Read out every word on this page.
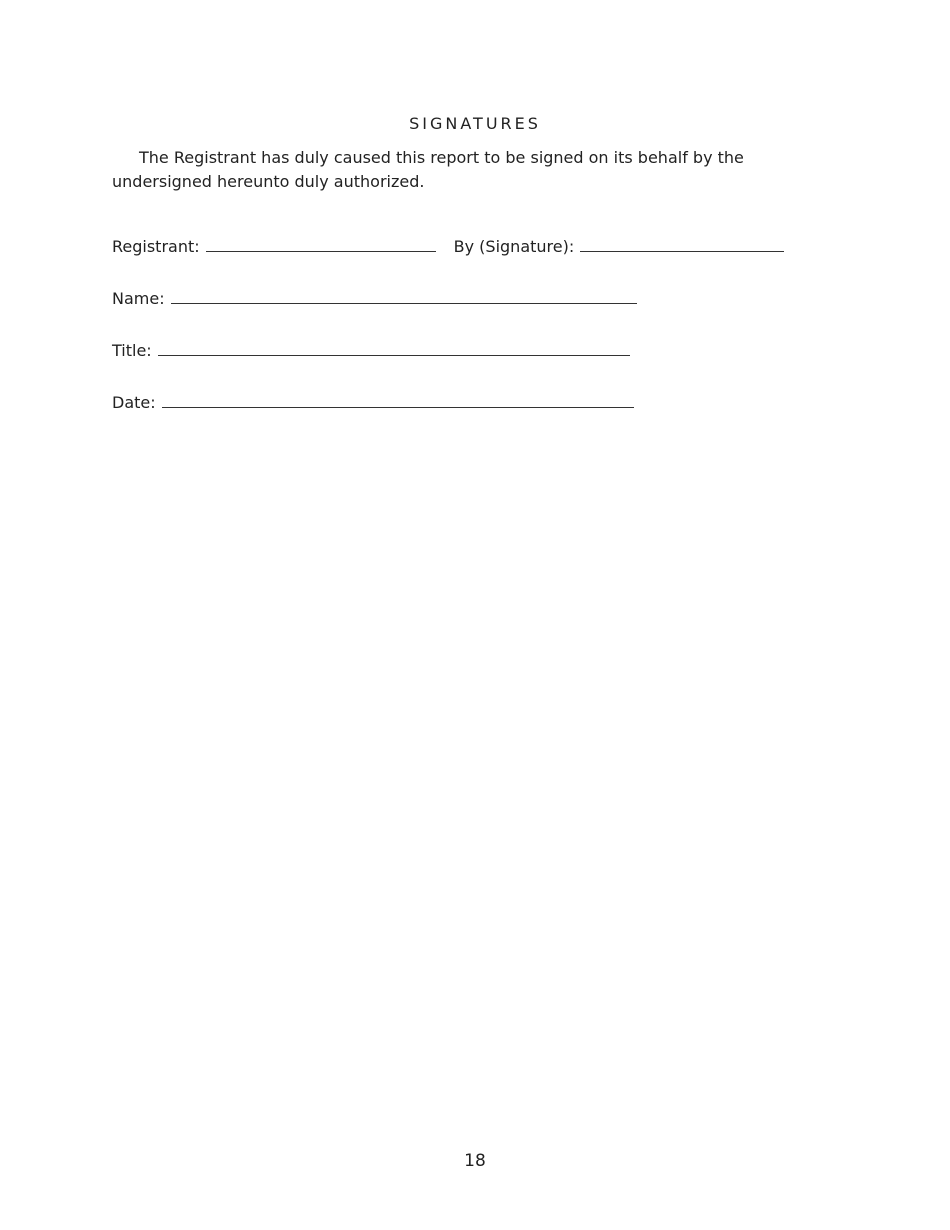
SIGNATURES

The Registrant has duly caused this report to be signed on its behalf by the undersigned hereunto duly authorized.

Registrant:	By (Signature):
Name:
Title:
Date:
18
